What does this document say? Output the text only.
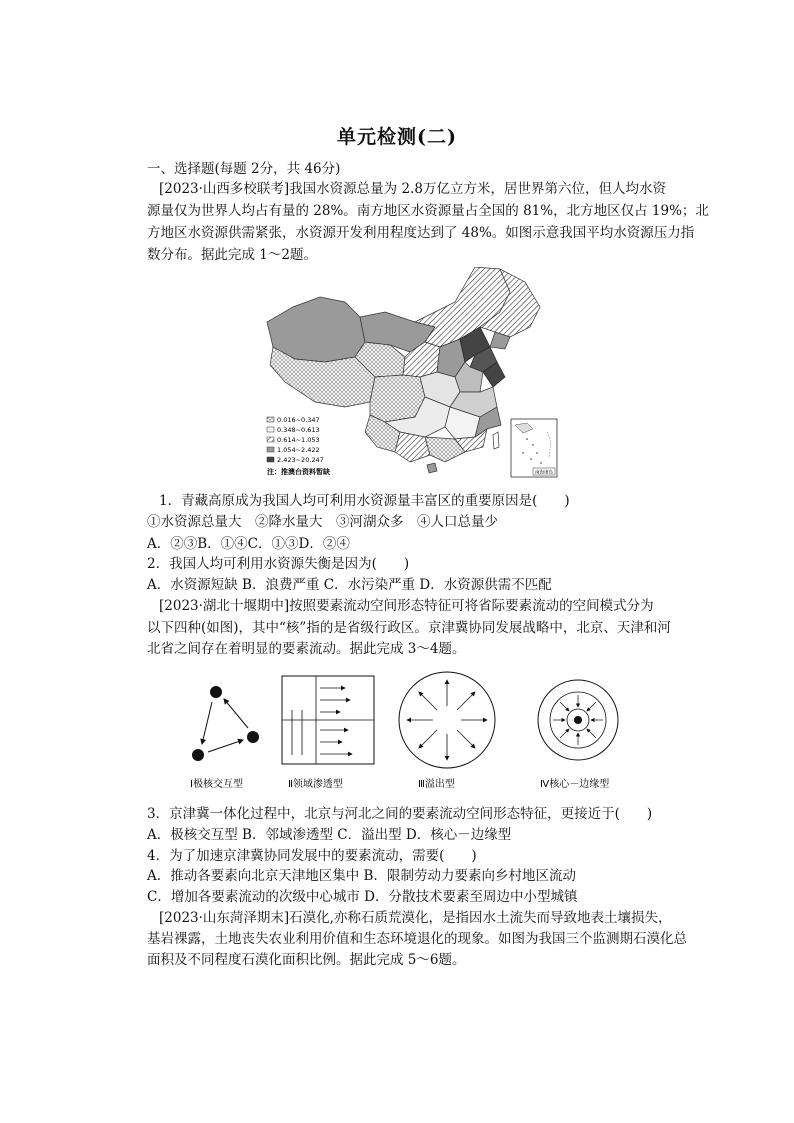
单元检测(二)
一、选择题(每题 2分，共 46分)
[2023·山西多校联考]我国水资源总量为 2.8万亿立方米，居世界第六位，但人均水资
源量仅为世界人均占有量的 28%。南方地区水资源量占全国的 81%，北方地区仅占 19%；北
方地区水资源供需紧张，水资源开发利用程度达到了 48%。如图示意我国平均水资源压力指
数分布。据此完成 1～2题。
0.016~0.347
0.348~0.613
0.614~1.053
1.054~2.422
2.423~20.247
注：推澳台资料暂缺	南海诸岛
1．青藏高原成为我国人均可利用水资源量丰富区的重要原因是(　　)
①水资源总量大　②降水量大　③河湖众多　④人口总量少
A．②③B．①④C．①③D．②④
2．我国人均可利用水资源失衡是因为(　　)
A．水资源短缺 B．浪费严重 C．水污染严重 D．水资源供需不匹配
[2023·湖北十堰期中]按照要素流动空间形态特征可将省际要素流动的空间模式分为
以下四种(如图)，其中“核”指的是省级行政区。京津冀协同发展战略中，北京、天津和河
北省之间存在着明显的要素流动。据此完成 3～4题。
Ⅰ极核交互型	Ⅱ领域渗透型	Ⅲ溢出型	Ⅳ核心－边缘型
3．京津冀一体化过程中，北京与河北之间的要素流动空间形态特征，更接近于(　　)
A．极核交互型 B．邻域渗透型 C．溢出型 D．核心－边缘型
4．为了加速京津冀协同发展中的要素流动，需要(　　)
A．推动各要素向北京天津地区集中 B．限制劳动力要素向乡村地区流动
C．增加各要素流动的次级中心城市 D．分散技术要素至周边中小型城镇
[2023·山东菏泽期末]石漠化,亦称石质荒漠化，是指因水土流失而导致地表土壤损失，
基岩裸露，土地丧失农业利用价值和生态环境退化的现象。如图为我国三个监测期石漠化总
面积及不同程度石漠化面积比例。据此完成 5～6题。
